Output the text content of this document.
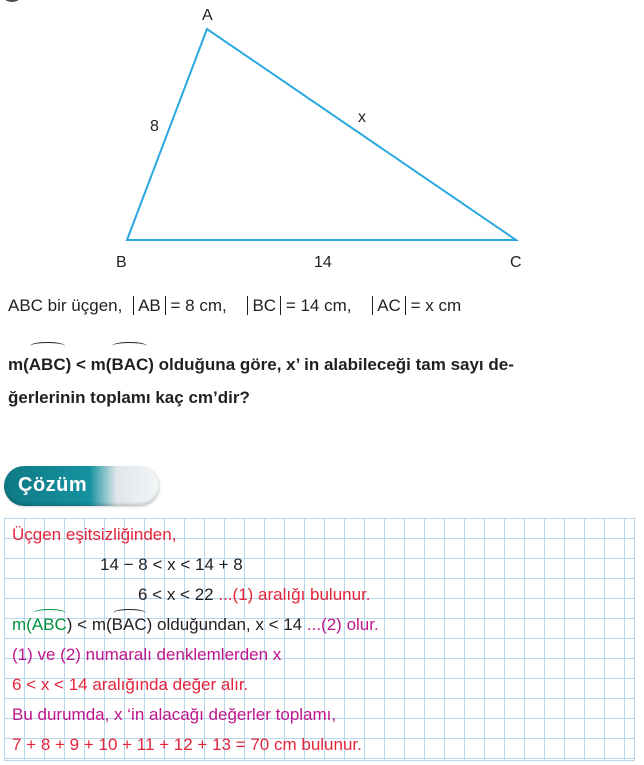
A
B	C
8
x
14
ABC bir üçgen, AB = 8 cm, BC = 14 cm, AC = x cm
m(ABC) < m(BAC) olduğuna göre, x’ in alabileceği tam sayı de-
ğerlerinin toplamı kaç cm’dir?
Çözüm
Üçgen eşitsizliğinden,
14 − 8 < x < 14 + 8
6 < x < 22 ...(1) aralığı bulunur.
m(ABC) < m(BAC) olduğundan, x < 14 ...(2) olur.
(1) ve (2) numaralı denklemlerden x
6 < x < 14 aralığında değer alır.
Bu durumda, x ‘in alacağı değerler toplamı,
7 + 8 + 9 + 10 + 11 + 12 + 13 = 70 cm bulunur.
